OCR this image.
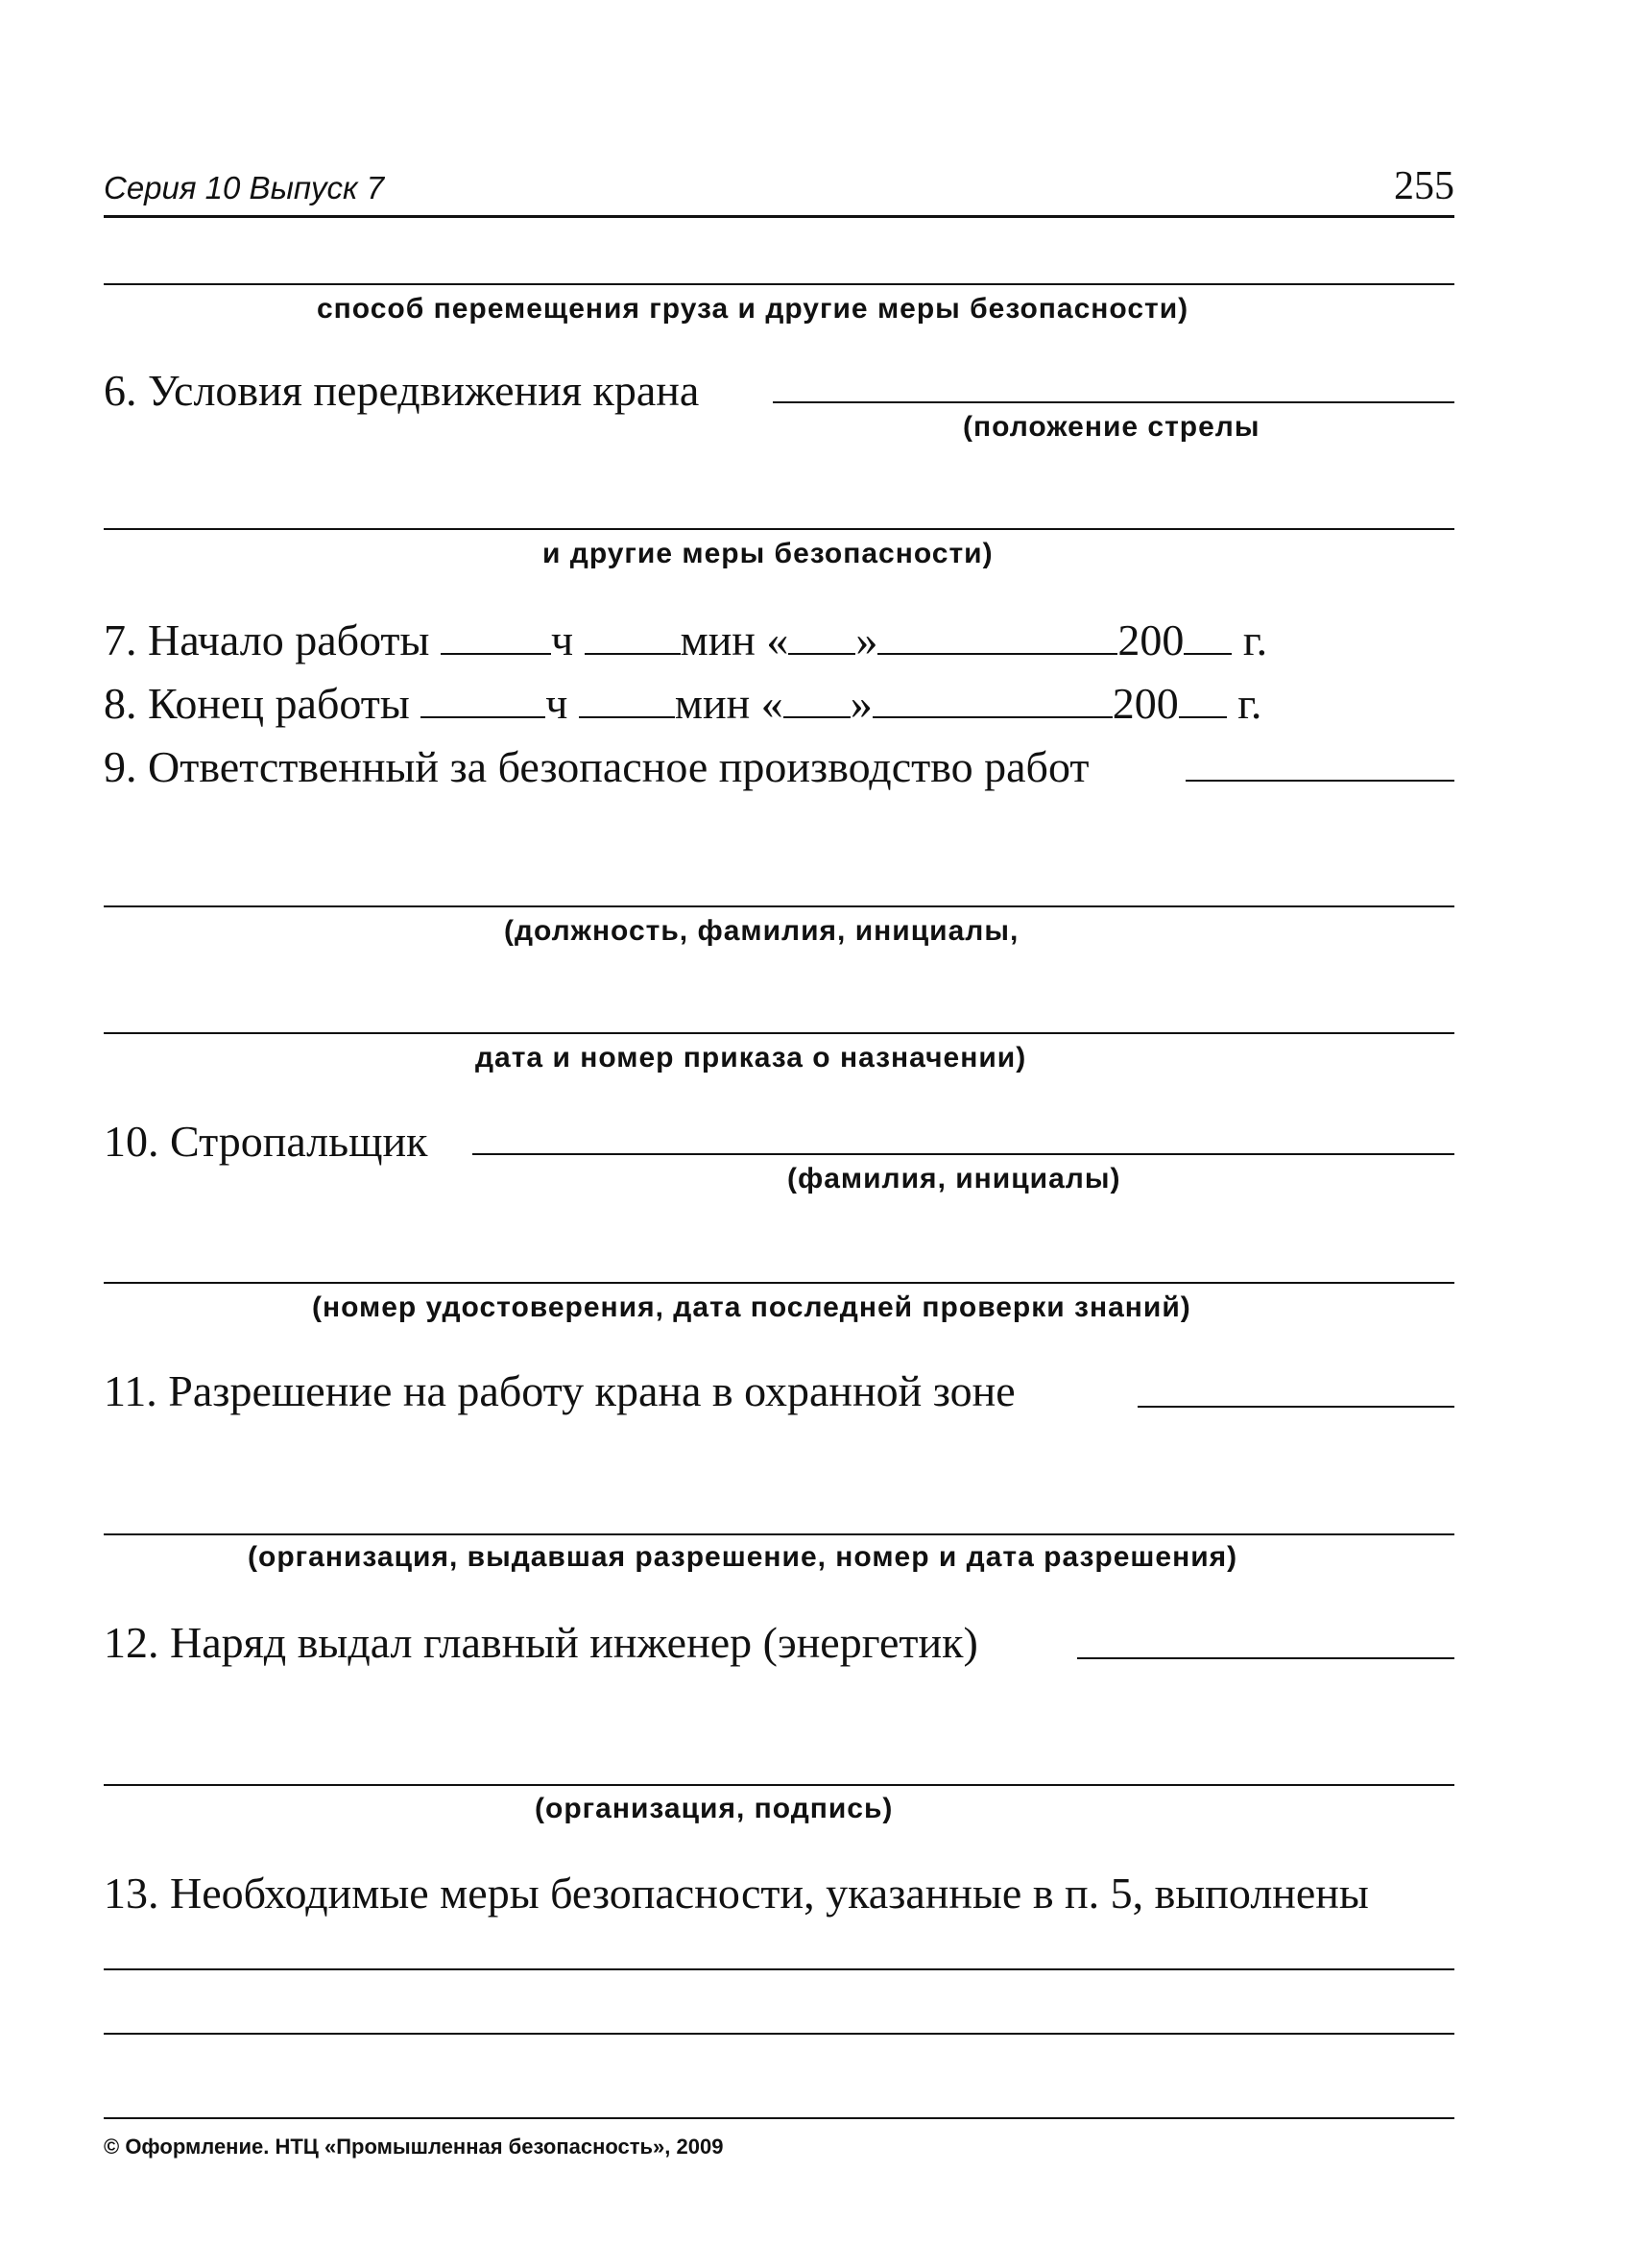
Серия 10 Выпуск 7	255
способ перемещения груза и другие меры безопасности)
6. Условия передвижения крана
(положение стрелы
и другие меры безопасности)
7. Начало работы	ч мин « »	200 г.
8. Конец работы	ч мин « »	200 г.
9. Ответственный за безопасное производство работ
(должность, фамилия, инициалы,
дата и номер приказа о назначении)
10. Стропальщик
(фамилия, инициалы)
(номер удостоверения, дата последней проверки знаний)
11. Разрешение на работу крана в охранной зоне
(организация, выдавшая разрешение, номер и дата разрешения)
12. Наряд выдал главный инженер (энергетик)
(организация, подпись)
13. Необходимые меры безопасности, указанные в п. 5, выполнены
© Оформление. НТЦ «Промышленная безопасность», 2009
